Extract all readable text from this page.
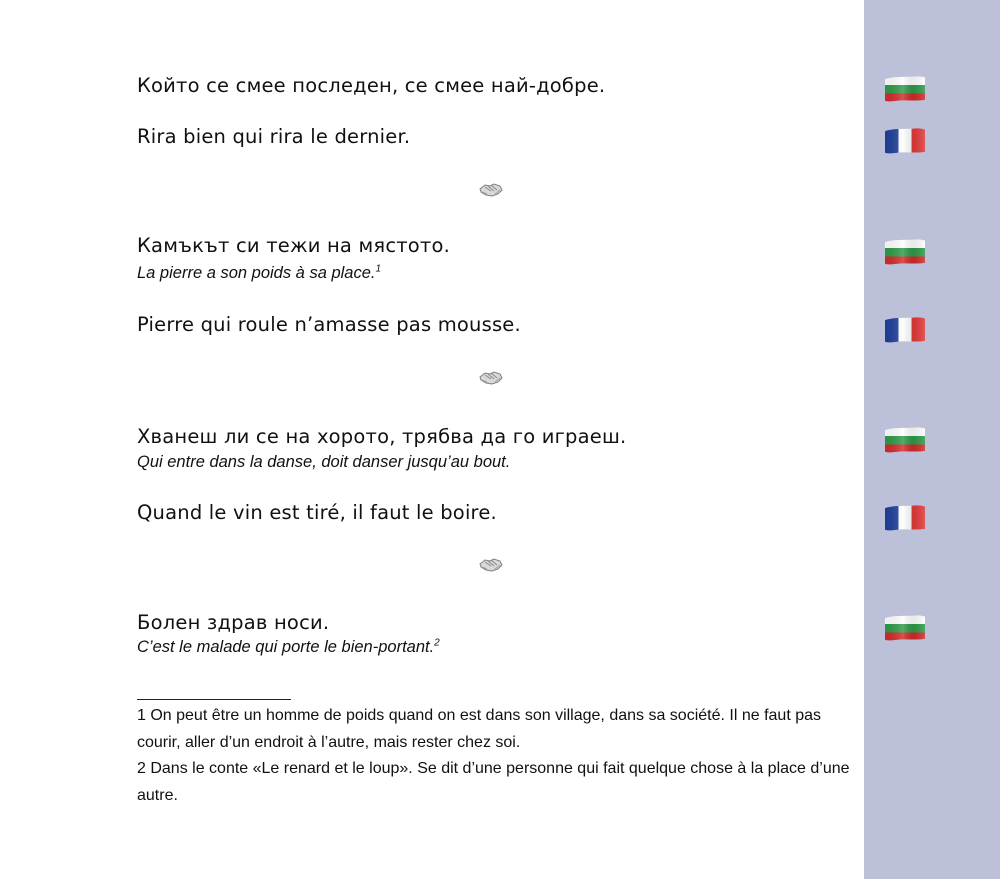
Който се смее последен, се смее най-добре.

Rira bien qui rira le dernier.

Камъкът си тежи на мястото.

La pierre a son poids à sa place.$^1$

Pierre qui roule n’amasse pas mousse.

Хванеш ли се на хорото, трябва да го играеш.

Qui entre dans la danse, doit danser jusqu’au bout.

Quand le vin est tiré, il faut le boire.

Болен здрав носи.

C’est le malade qui porte le bien-portant.$^2$

1 On peut être un homme de poids quand on est dans son village, dans sa société. Il ne faut pas courir, aller d’un endroit à l’autre, mais rester chez soi.

2 Dans le conte «Le renard et le loup». Se dit d’une personne qui fait quelque chose à la place d’une autre.
